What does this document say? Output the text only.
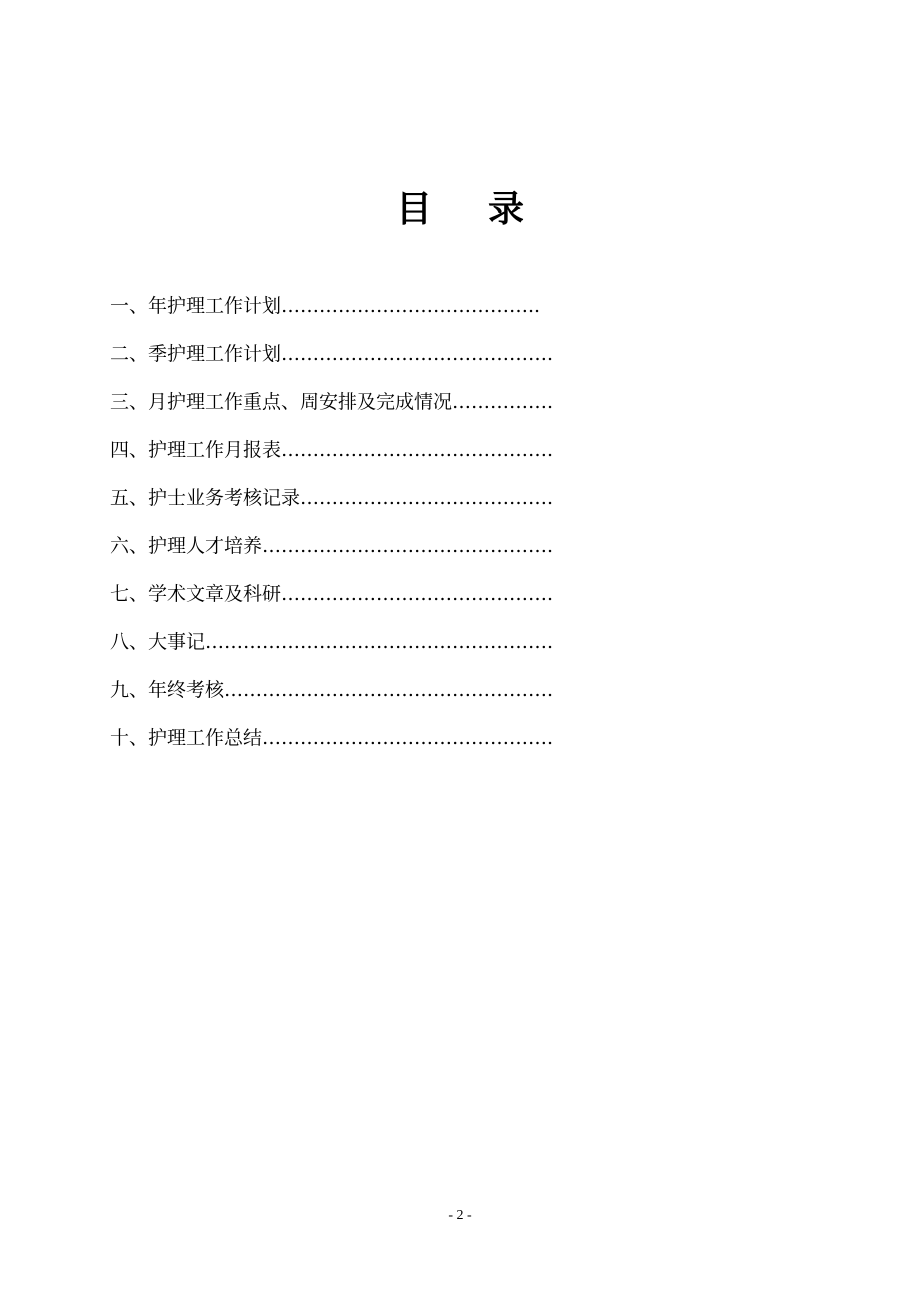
目 录
一、年护理工作计划…………………………………..
二、季护理工作计划…………………………………….
三、月护理工作重点、周安排及完成情况…………….
四、护理工作月报表…………………………………….
五、护士业务考核记录………………………………….
六、护理人才培养……………………………………….
七、学术文章及科研…………………………………….
八、大事记……………………………………………….
九、年终考核…………………………………………….
十、护理工作总结……………………………………….
- 2 -
